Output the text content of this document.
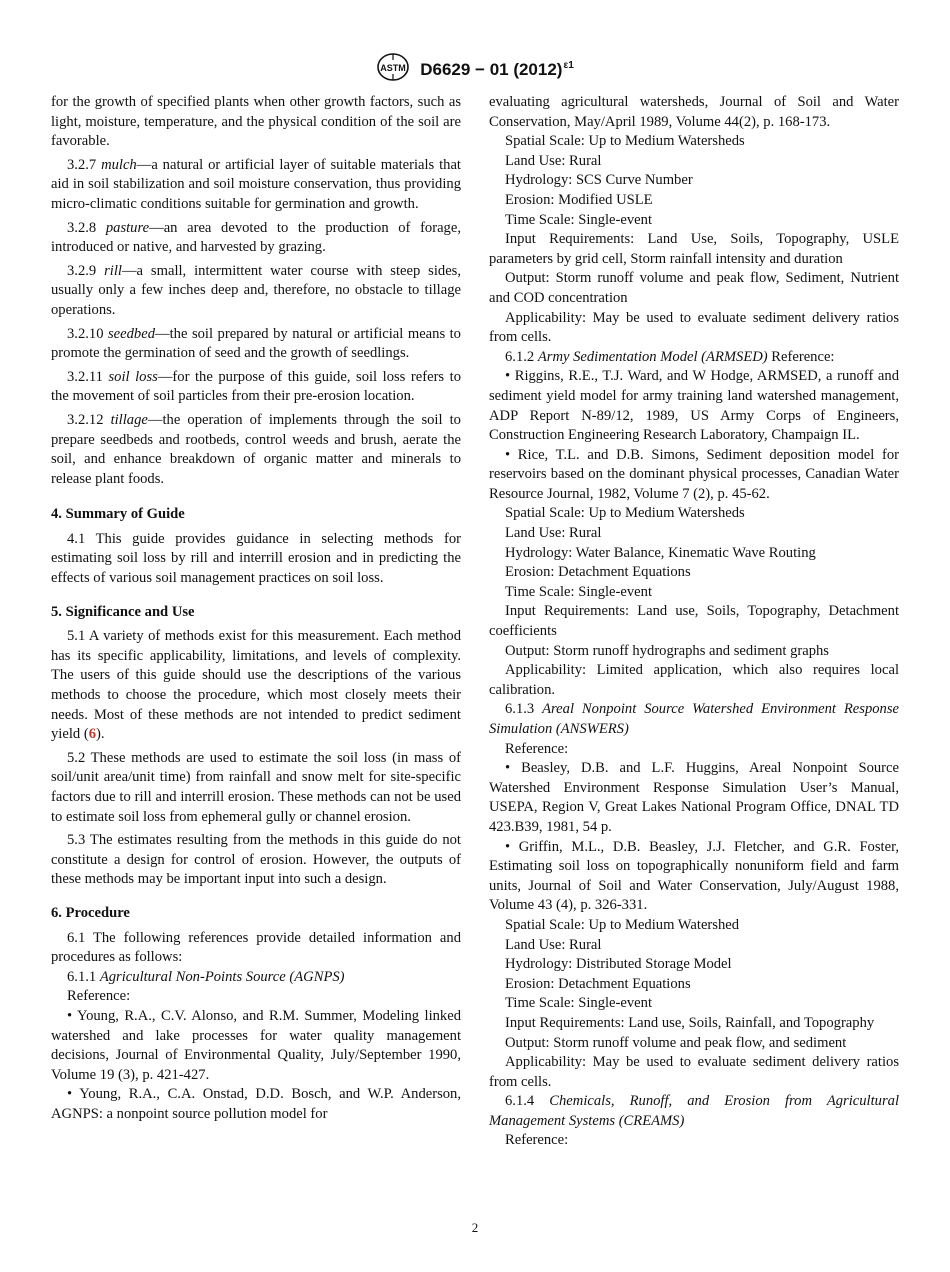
ASTM D6629 − 01 $(2012)^{\varepsilon 1}$

for the growth of specified plants when other growth factors, such as light, moisture, temperature, and the physical condition of the soil are favorable.

3.2.7 mulch—a natural or artificial layer of suitable materials that aid in soil stabilization and soil moisture conservation, thus providing micro-climatic conditions suitable for germination and growth.

3.2.8 pasture—an area devoted to the production of forage, introduced or native, and harvested by grazing.

3.2.9 rill—a small, intermittent water course with steep sides, usually only a few inches deep and, therefore, no obstacle to tillage operations.

3.2.10 seedbed—the soil prepared by natural or artificial means to promote the germination of seed and the growth of seedlings.

3.2.11 soil loss—for the purpose of this guide, soil loss refers to the movement of soil particles from their pre-erosion location.

3.2.12 tillage—the operation of implements through the soil to prepare seedbeds and rootbeds, control weeds and brush, aerate the soil, and enhance breakdown of organic matter and minerals to release plant foods.

4. Summary of Guide

4.1 This guide provides guidance in selecting methods for estimating soil loss by rill and interrill erosion and in predicting the effects of various soil management practices on soil loss.

5. Significance and Use

5.1 A variety of methods exist for this measurement. Each method has its specific applicability, limitations, and levels of complexity. The users of this guide should use the descriptions of the various methods to choose the procedure, which most closely meets their needs. Most of these methods are not intended to predict sediment yield (6).

5.2 These methods are used to estimate the soil loss (in mass of soil/unit area/unit time) from rainfall and snow melt for site-specific factors due to rill and interrill erosion. These methods can not be used to estimate soil loss from ephemeral gully or channel erosion.

5.3 The estimates resulting from the methods in this guide do not constitute a design for control of erosion. However, the outputs of these methods may be important input into such a design.

6. Procedure

6.1 The following references provide detailed information and procedures as follows:

6.1.1 Agricultural Non-Points Source (AGNPS)

Reference:

• Young, R.A., C.V. Alonso, and R.M. Summer, Modeling linked watershed and lake processes for water quality management decisions, Journal of Environmental Quality, July/September 1990, Volume 19 (3), p. 421-427.

• Young, R.A., C.A. Onstad, D.D. Bosch, and W.P. Anderson, AGNPS: a nonpoint source pollution model for

evaluating agricultural watersheds, Journal of Soil and Water Conservation, May/April 1989, Volume 44(2), p. 168-173.

Spatial Scale: Up to Medium Watersheds

Land Use: Rural

Hydrology: SCS Curve Number

Erosion: Modified USLE

Time Scale: Single-event

Input Requirements: Land Use, Soils, Topography, USLE parameters by grid cell, Storm rainfall intensity and duration

Output: Storm runoff volume and peak flow, Sediment, Nutrient and COD concentration

Applicability: May be used to evaluate sediment delivery ratios from cells.

6.1.2 Army Sedimentation Model (ARMSED) Reference:

• Riggins, R.E., T.J. Ward, and W Hodge, ARMSED, a runoff and sediment yield model for army training land watershed management, ADP Report N-89/12, 1989, US Army Corps of Engineers, Construction Engineering Research Laboratory, Champaign IL.

• Rice, T.L. and D.B. Simons, Sediment deposition model for reservoirs based on the dominant physical processes, Canadian Water Resource Journal, 1982, Volume 7 (2), p. 45-62.

Spatial Scale: Up to Medium Watersheds

Land Use: Rural

Hydrology: Water Balance, Kinematic Wave Routing

Erosion: Detachment Equations

Time Scale: Single-event

Input Requirements: Land use, Soils, Topography, Detachment coefficients

Output: Storm runoff hydrographs and sediment graphs

Applicability: Limited application, which also requires local calibration.

6.1.3 Areal Nonpoint Source Watershed Environment Response Simulation (ANSWERS)

Reference:

• Beasley, D.B. and L.F. Huggins, Areal Nonpoint Source Watershed Environment Response Simulation User’s Manual, USEPA, Region V, Great Lakes National Program Office, DNAL TD 423.B39, 1981, 54 p.

• Griffin, M.L., D.B. Beasley, J.J. Fletcher, and G.R. Foster, Estimating soil loss on topographically nonuniform field and farm units, Journal of Soil and Water Conservation, July/August 1988, Volume 43 (4), p. 326-331.

Spatial Scale: Up to Medium Watershed

Land Use: Rural

Hydrology: Distributed Storage Model

Erosion: Detachment Equations

Time Scale: Single-event

Input Requirements: Land use, Soils, Rainfall, and Topography

Output: Storm runoff volume and peak flow, and sediment

Applicability: May be used to evaluate sediment delivery ratios from cells.

6.1.4 Chemicals, Runoff, and Erosion from Agricultural Management Systems (CREAMS)

Reference:

2
